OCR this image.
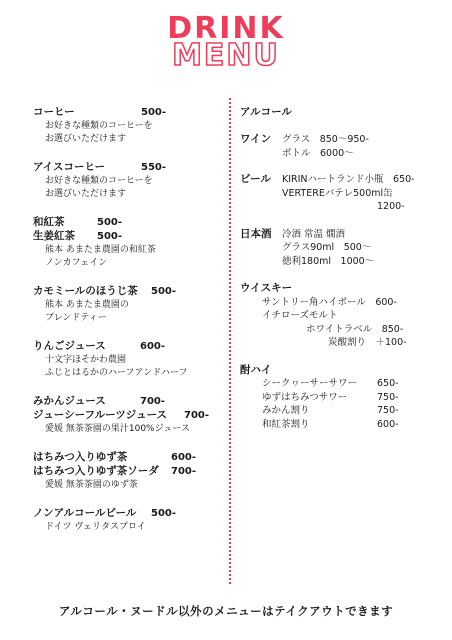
DRINK
MENU
コーヒー	500-
お好きな種類のコーヒーを
お選びいただけます
アイスコーヒー	550-
お好きな種類のコーヒーを
お選びいただけます
和紅茶	500-
生姜紅茶 500-
熊本 あまたま農園の和紅茶
ノンカフェイン
カモミールのほうじ茶 500-
熊本 あまたま農園の
ブレンドティー
りんごジュース	600-
十文字ほそかわ農園
ふじとはるかのハーフアンドハーフ
みかんジュース	700-
ジューシーフルーツジュース 700-
愛媛 無茶茶園の果汁100%ジュース
はちみつ入りゆず茶	600-
はちみつ入りゆず茶ソーダ 700-
愛媛 無茶茶園のゆず茶
ノンアルコールビール 500-
ドイツ ヴェリタスブロイ
アルコール
ワイン グラス　850〜950-
ボトル　6000〜
ビール KIRINハートランド小瓶　650-
VERTEREバテレ500ml缶
1200-
日本酒 冷酒 常温 燗酒
グラス90ml　500〜
徳利180ml　1000〜
ウイスキー
サントリー角ハイボール　600-
イチローズモルト
ホワイトラベル　850-
炭酸割り　＋100-
酎ハイ
シークヮーサーサワー 650-
ゆずはちみつサワー	750-
みかん割り	750-
和紅茶割り	600-
アルコール・ヌードル以外のメニューはテイクアウトできます
